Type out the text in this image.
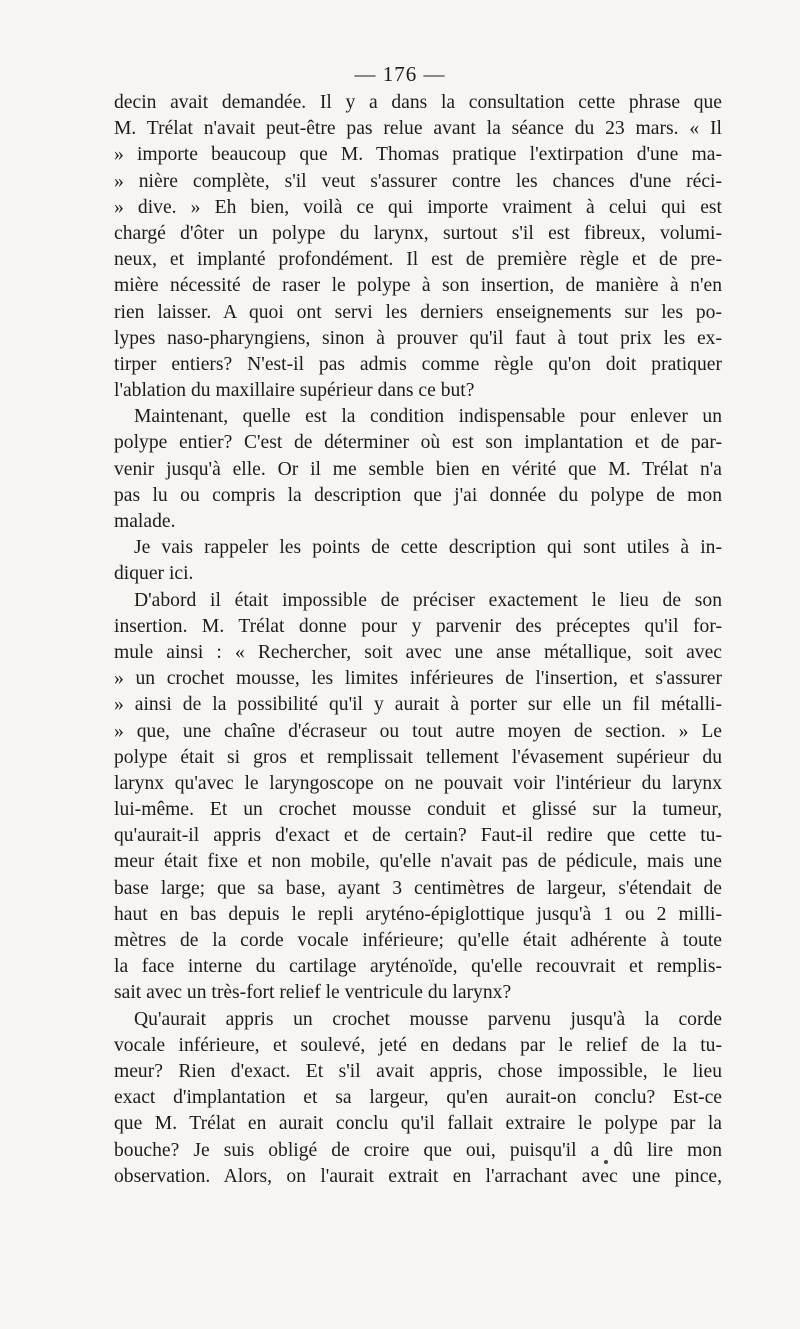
— 176 —
decin avait demandée. Il y a dans la consultation cette phrase que
M. Trélat n'avait peut-être pas relue avant la séance du 23 mars. « Il
» importe beaucoup que M. Thomas pratique l'extirpation d'une ma-
» nière complète, s'il veut s'assurer contre les chances d'une réci-
» dive. » Eh bien, voilà ce qui importe vraiment à celui qui est
chargé d'ôter un polype du larynx, surtout s'il est fibreux, volumi-
neux, et implanté profondément. Il est de première règle et de pre-
mière nécessité de raser le polype à son insertion, de manière à n'en
rien laisser. A quoi ont servi les derniers enseignements sur les po-
lypes naso-pharyngiens, sinon à prouver qu'il faut à tout prix les ex-
tirper entiers? N'est-il pas admis comme règle qu'on doit pratiquer
l'ablation du maxillaire supérieur dans ce but?
Maintenant, quelle est la condition indispensable pour enlever un
polype entier? C'est de déterminer où est son implantation et de par-
venir jusqu'à elle. Or il me semble bien en vérité que M. Trélat n'a
pas lu ou compris la description que j'ai donnée du polype de mon
malade.
Je vais rappeler les points de cette description qui sont utiles à in-
diquer ici.
D'abord il était impossible de préciser exactement le lieu de son
insertion. M. Trélat donne pour y parvenir des préceptes qu'il for-
mule ainsi : « Rechercher, soit avec une anse métallique, soit avec
» un crochet mousse, les limites inférieures de l'insertion, et s'assurer
» ainsi de la possibilité qu'il y aurait à porter sur elle un fil métalli-
» que, une chaîne d'écraseur ou tout autre moyen de section. » Le
polype était si gros et remplissait tellement l'évasement supérieur du
larynx qu'avec le laryngoscope on ne pouvait voir l'intérieur du larynx
lui-même. Et un crochet mousse conduit et glissé sur la tumeur,
qu'aurait-il appris d'exact et de certain? Faut-il redire que cette tu-
meur était fixe et non mobile, qu'elle n'avait pas de pédicule, mais une
base large; que sa base, ayant 3 centimètres de largeur, s'étendait de
haut en bas depuis le repli aryténo-épiglottique jusqu'à 1 ou 2 milli-
mètres de la corde vocale inférieure; qu'elle était adhérente à toute
la face interne du cartilage aryténoïde, qu'elle recouvrait et remplis-
sait avec un très-fort relief le ventricule du larynx?
Qu'aurait appris un crochet mousse parvenu jusqu'à la corde
vocale inférieure, et soulevé, jeté en dedans par le relief de la tu-
meur? Rien d'exact. Et s'il avait appris, chose impossible, le lieu
exact d'implantation et sa largeur, qu'en aurait-on conclu? Est-ce
que M. Trélat en aurait conclu qu'il fallait extraire le polype par la
bouche? Je suis obligé de croire que oui, puisqu'il a dû lire mon
observation. Alors, on l'aurait extrait en l'arrachant avec une pince,
